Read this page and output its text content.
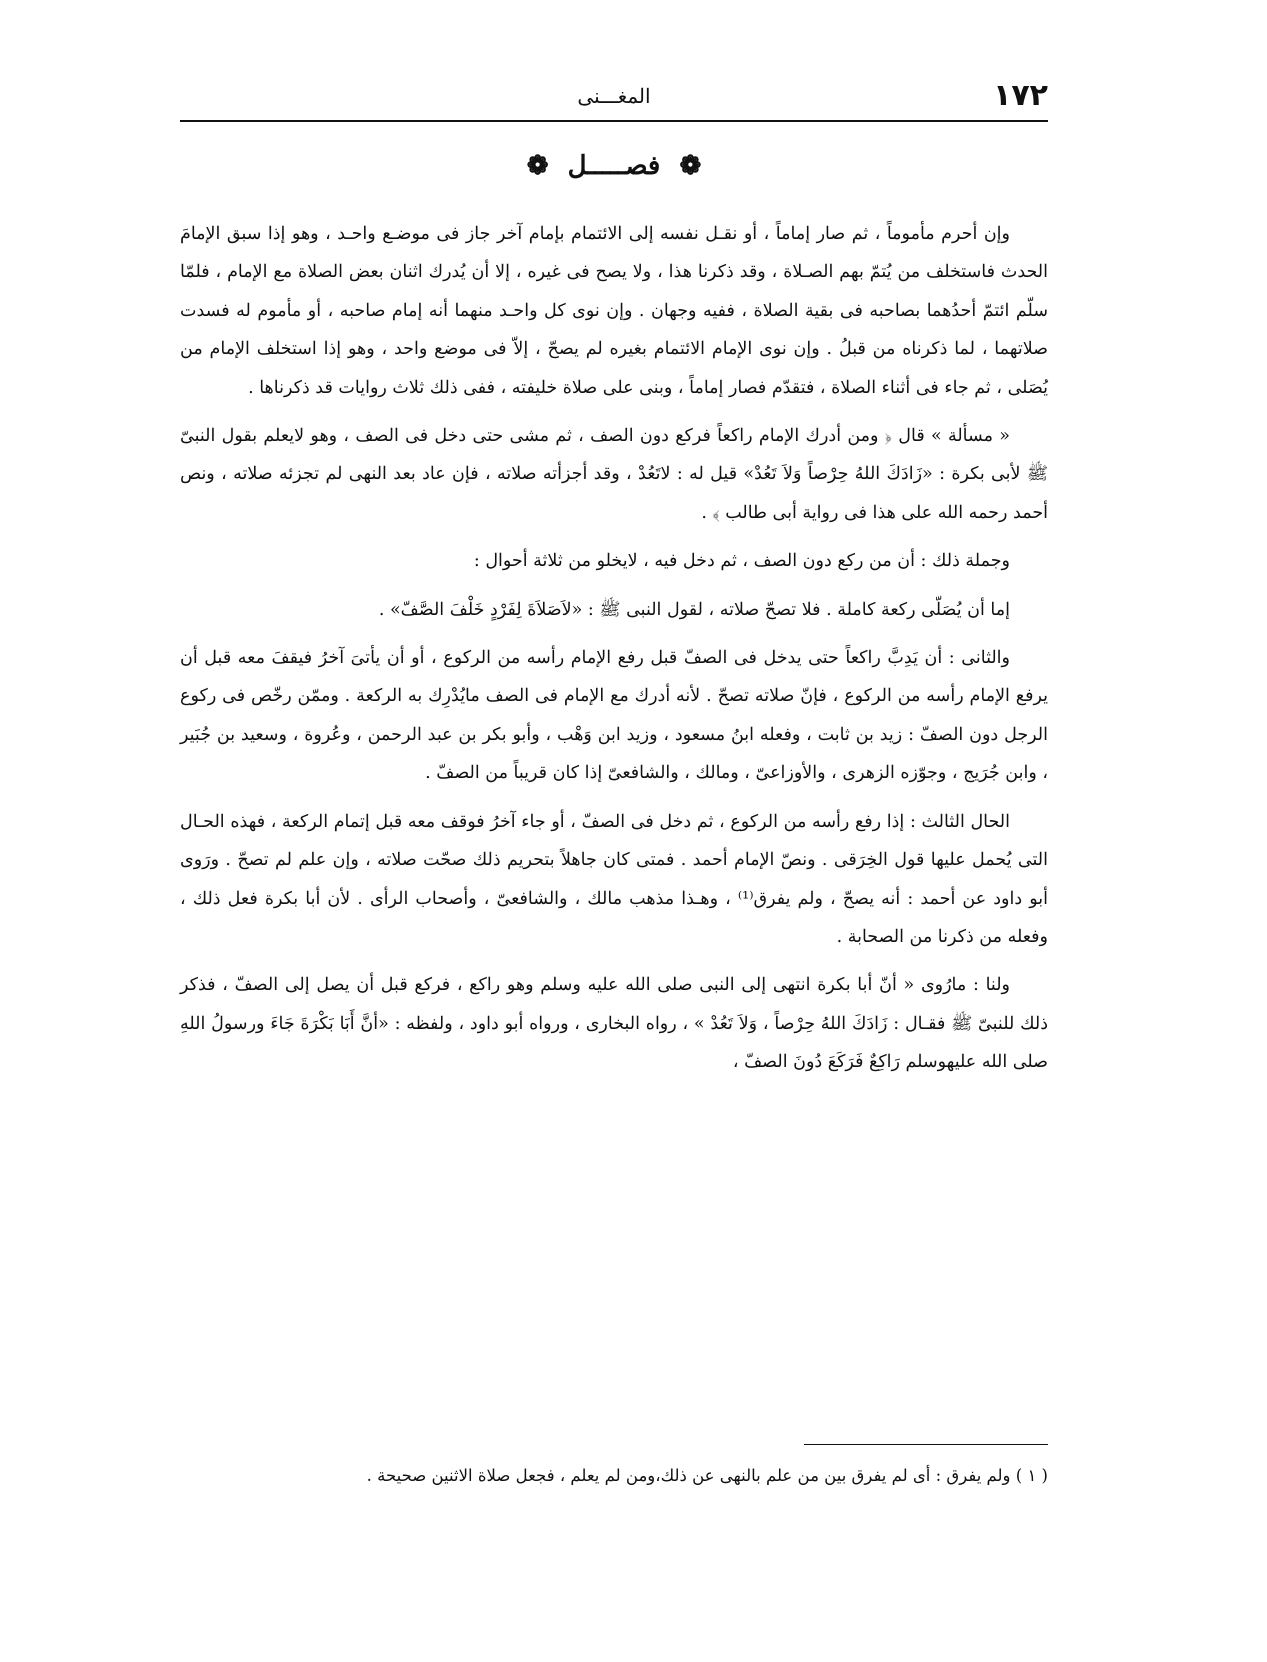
١٧٢
المغـــنى
❁ فصـــــل ❁

وإن أحرم مأموماً ، ثم صار إماماً ، أو نقـل نفسه إلى الائتمام بإمام آخر جاز فى موضـع واحـد ، وهو إذا سبق الإمامَ الحدث فاستخلف من يُتمّ بهم الصـلاة ، وقد ذكرنا هذا ، ولا يصح فى غيره ، إلا أن يُدرك اثنان بعض الصلاة مع الإمام ، فلمّا سلّم ائتمّ أحدُهما بصاحبه فى بقية الصلاة ، ففيه وجهان . وإن نوى كل واحـد منهما أنه إمام صاحبه ، أو مأموم له فسدت صلاتهما ، لما ذكرناه من قبلُ . وإن نوى الإمام الائتمام بغيره لم يصحّ ، إلاّ فى موضع واحد ، وهو إذا استخلف الإمام من يُصَلى ، ثم جاء فى أثناء الصلاة ، فتقدّم فصار إماماً ، وبنى على صلاة خليفته ، ففى ذلك ثلاث روايات قد ذكرناها .

« مسألة » قال ﴿ ومن أدرك الإمام راكعاً فركع دون الصف ، ثم مشى حتى دخل فى الصف ، وهو لايعلم بقول النبىّ ﷺ لأبى بكرة : «زَادَكَ اللهُ حِرْصاً وَلاَ تَعُدْ» قيل له : لاتَعُدْ ، وقد أجزأته صلاته ، فإن عاد بعد النهى لم تجزئه صلاته ، ونص أحمد رحمه الله على هذا فى رواية أبى طالب ﴾ .

وجملة ذلك : أن من ركع دون الصف ، ثم دخل فيه ، لايخلو من ثلاثة أحوال :

إما أن يُصَلّى ركعة كاملة . فلا تصحّ صلاته ، لقول النبى ﷺ : «لاَصَلاَةَ لِفَرْدٍ خَلْفَ الصَّفّ» .

والثانى : أن يَدِبَّ راكعاً حتى يدخل فى الصفّ قبل رفع الإمام رأسه من الركوع ، أو أن يأتىَ آخرُ فيقفَ معه قبل أن يرفع الإمام رأسه من الركوع ، فإنّ صلاته تصحّ . لأنه أدرك مع الإمام فى الصف مايُدْرِك به الركعة . وممّن رخّص فى ركوع الرجل دون الصفّ : زيد بن ثابت ، وفعله ابنُ مسعود ، وزيد ابن وَهْب ، وأبو بكر بن عبد الرحمن ، وعُروة ، وسعيد بن جُبَير ، وابن جُرَيج ، وجوّزه الزهرى ، والأوزاعىّ ، ومالك ، والشافعىّ إذا كان قريباً من الصفّ .

الحال الثالث : إذا رفع رأسه من الركوع ، ثم دخل فى الصفّ ، أو جاء آخرُ فوقف معه قبل إتمام الركعة ، فهذه الحـال التى يُحمل عليها قول الخِرَقى . ونصّ الإمام أحمد . فمتى كان جاهلاً بتحريم ذلك صحّت صلاته ، وإن علم لم تصحّ . ورَوى أبو داود عن أحمد : أنه يصحّ ، ولم يفرق⁽¹⁾ ، وهـذا مذهب مالك ، والشافعىّ ، وأصحاب الرأى . لأن أبا بكرة فعل ذلك ، وفعله من ذكرنا من الصحابة .

ولنا : مارُوى « أنّ أبا بكرة انتهى إلى النبى صلى الله عليه وسلم وهو راكع ، فركع قبل أن يصل إلى الصفّ ، فذكر ذلك للنبىّ ﷺ فقـال : زَادَكَ اللهُ حِرْصاً ، وَلاَ تَعُدْ » ، رواه البخارى ، ورواه أبو داود ، ولفظه : «أنَّ أَبَا بَكْرَةَ جَاءَ ورسولُ اللهِ صلى الله عليهوسلم رَاكِعٌ فَرَكَعَ دُونَ الصفّ ،

( ١ ) ولم يفرق : أى لم يفرق بين من علم بالنهى عن ذلك،ومن لم يعلم ، فجعل صلاة الاثنين صحيحة .
